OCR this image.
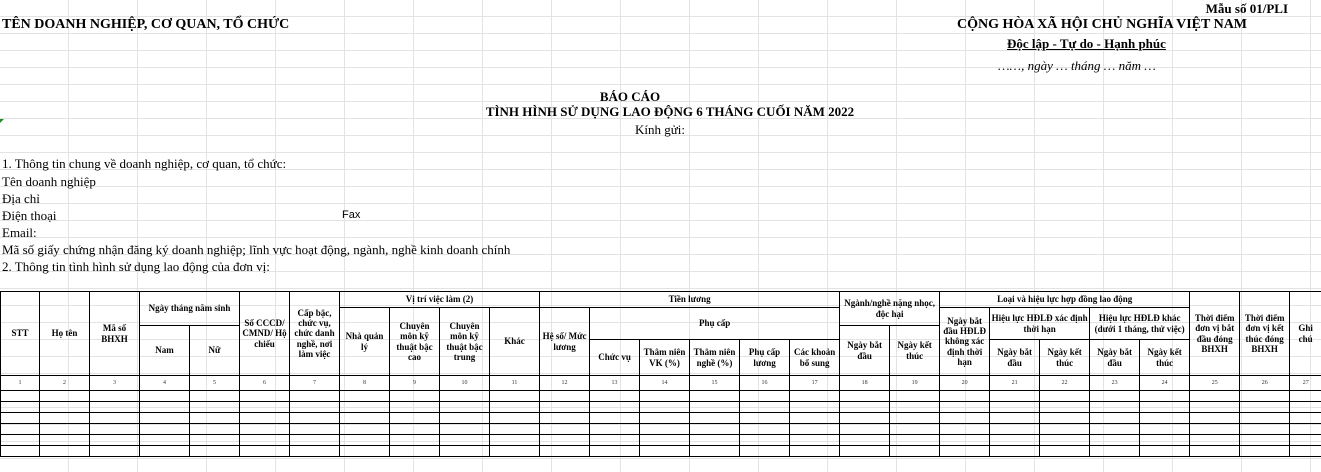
Mẫu số 01/PLI
TÊN DOANH NGHIỆP, CƠ QUAN, TỔ CHỨC	CỘNG HÒA XÃ HỘI CHỦ NGHĨA VIỆT NAM
Độc lập - Tự do - Hạnh phúc
……, ngày … tháng … năm …
BÁO CÁO
TÌNH HÌNH SỬ DỤNG LAO ĐỘNG 6 THÁNG CUỐI NĂM 2022
Kính gửi:
1. Thông tin chung về doanh nghiệp, cơ quan, tổ chức:
Tên doanh nghiệp
Địa chỉ
Điện thoại	Fax
Email:
Mã số giấy chứng nhận đăng ký doanh nghiệp; lĩnh vực hoạt động, ngành, nghề kinh doanh chính
2. Thông tin tình hình sử dụng lao động của đơn vị:
STT	Họ tên	Mã số BHXH	Ngày tháng năm sinh		Số CCCD/ CMND/ Hộ chiếu	Cấp bậc, chức vụ, chức danh nghề, nơi làm việc	Vị trí việc làm (2)				Tiền lương						Ngành/nghề nặng nhọc, độc hại		Loại và hiệu lực hợp đồng lao động					Thời điểm đơn vị bắt đầu đóng BHXH	Thời điểm đơn vị kết thúc đóng BHXH	Ghi chú
							Nhà quản lý	Chuyên môn kỹ thuật bậc cao	Chuyên môn kỹ thuật bậc trung	Khác	Hệ số/ Mức lương	Phụ cấp							Ngày bắt đầu HĐLĐ không xác định thời hạn	Hiệu lực HĐLĐ xác định thời hạn		Hiệu lực HĐLĐ khác (dưới 1 tháng, thử việc)				
			Nam	Nữ													Ngày bắt đầu	Ngày kết thúc								
												Chức vụ	Thâm niên VK (%)	Thâm niên nghề (%)	Phụ cấp lương	Các khoản bổ sung				Ngày bắt đầu	Ngày kết thúc	Ngày bắt đầu	Ngày kết thúc			
1	2	3	4	5	6	7	8	9	10	11	12	13	14	15	16	17	18	19	20	21	22	23	24	25	26	27
